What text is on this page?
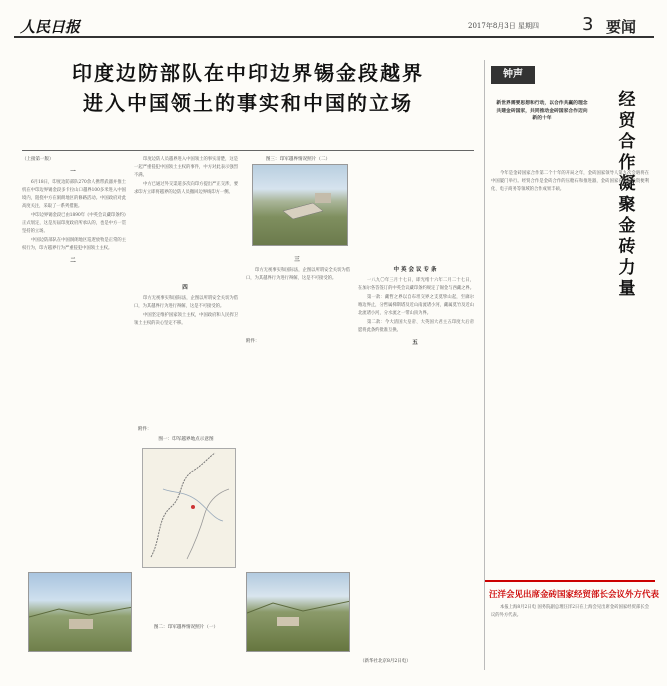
人民日报	2017年8月3日 星期四 3 要闻
印度边防部队在中印边界锡金段越界
进入中国领土的事实和中国的立场
（上接第一版）
一

6月18日，印度边防部队270余人携带武器并推土机在中印边界锡金段多卡拉山口越界100多米进入中国境内，阻挠中方在洞朗地区的修路活动。中国政府对此高度关注，采取了一系列措施。

中印边界锡金段已由1890年《中英会议藏印条约》正式划定，这是历届印度政府所承认的，也是中方一贯坚持的立场。

中国边防部队在中国洞朗地区巡逻放牧是正常的主权行为，印方越界行为严重侵犯中国领土主权。

二

印度边防人员越界进入中国领土的事实清楚，这是一起严重侵犯中国领土主权的事件，中方对此表示强烈不满。

中方已通过外交渠道多次向印方提出严正交涉，要求印方立即将越界的边防人员撤回边界线印方一侧。

四

印方无视事实和国际法，企图以所谓安全关切为借口，为其越界行为进行辩解，这是不可接受的。

中国坚定维护国家领土主权，中国政府和人民捍卫领土主权的决心坚定不移。

附件：
图一：印军越界地点示意图
图二：印军越界情况照片（一）
图三：印军越界情况照片（二）
三

印方无视事实和国际法，企图以所谓安全关切为借口，为其越界行为进行辩解，这是不可接受的。

中英会议专条

一八九〇年三月十七日，即光绪十六年二月二十七日，在加尔各答签订的中英会议藏印条约规定了锡金与西藏之界。

第一款：藏哲之界以自布坦交界之支莫挚山起，至廓尔喀边界止，分哲属梯斯塔及近山南流诸小河，藏属莫竹及近山北流诸小河，分水流之一带山顶为界。

第二款：今大清国大皇帝、大英国大君主五印度大后帝愿将此条约批准互换。

五
附件：
（新华社北京8月2日电）
钟声
新世界需要思想和行动，以合作共赢的理念共建金砖国家，共同推动金砖国家合作迈向新的十年
经贸合作凝聚金砖力量

今年是金砖国家合作第二个十年的开局之年，金砖国家领导人第九次会晤将在中国厦门举行。经贸合作是金砖合作的压舱石和推进器，金砖国家在贸易投资便利化、电子商务等领域的合作成果丰硕。

汪洋会见出席金砖国家经贸部长会议外方代表

本报上海8月2日电 国务院副总理汪洋2日在上海会见出席金砖国家经贸部长会议的外方代表。
